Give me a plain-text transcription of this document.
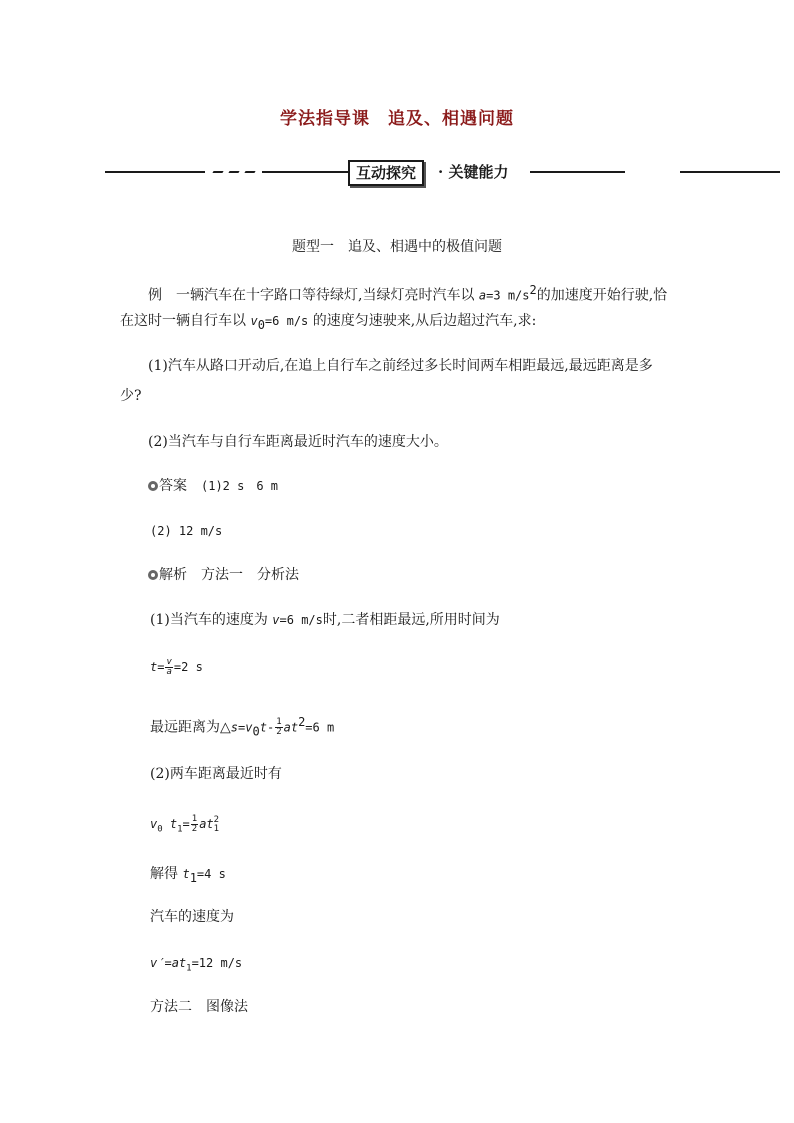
学法指导课　追及、相遇问题
互动探究	· 关键能力
题型一　追及、相遇中的极值问题
例　一辆汽车在十字路口等待绿灯,当绿灯亮时汽车以 a=3 $m/s^2$的加速度开始行驶,恰
在这时一辆自行车以 $v_0=6$ m/s 的速度匀速驶来,从后边超过汽车,求:
(1)汽车从路口开动后,在追上自行车之前经过多长时间两车相距最远,最远距离是多
少?
(2)当汽车与自行车距离最近时汽车的速度大小。
答案　 (1)2 s　6 m
(2) 12 m/s
解析　 方法一　分析法
(1)当汽车的速度为 v=6 m/s时,二者相距最远,所用时间为
$t= \frac{v}{a} =2$ s
最远距离为$\triangle s=v_0t- \frac{1}{2} at^2=6$ m
(2)两车距离最近时有
$v_0$ $t_1= \frac{1}{2}$ at 2
1
解得 $t_1=4$ s
汽车的速度为
$v'=at_1=12$ m/s
方法二　图像法
